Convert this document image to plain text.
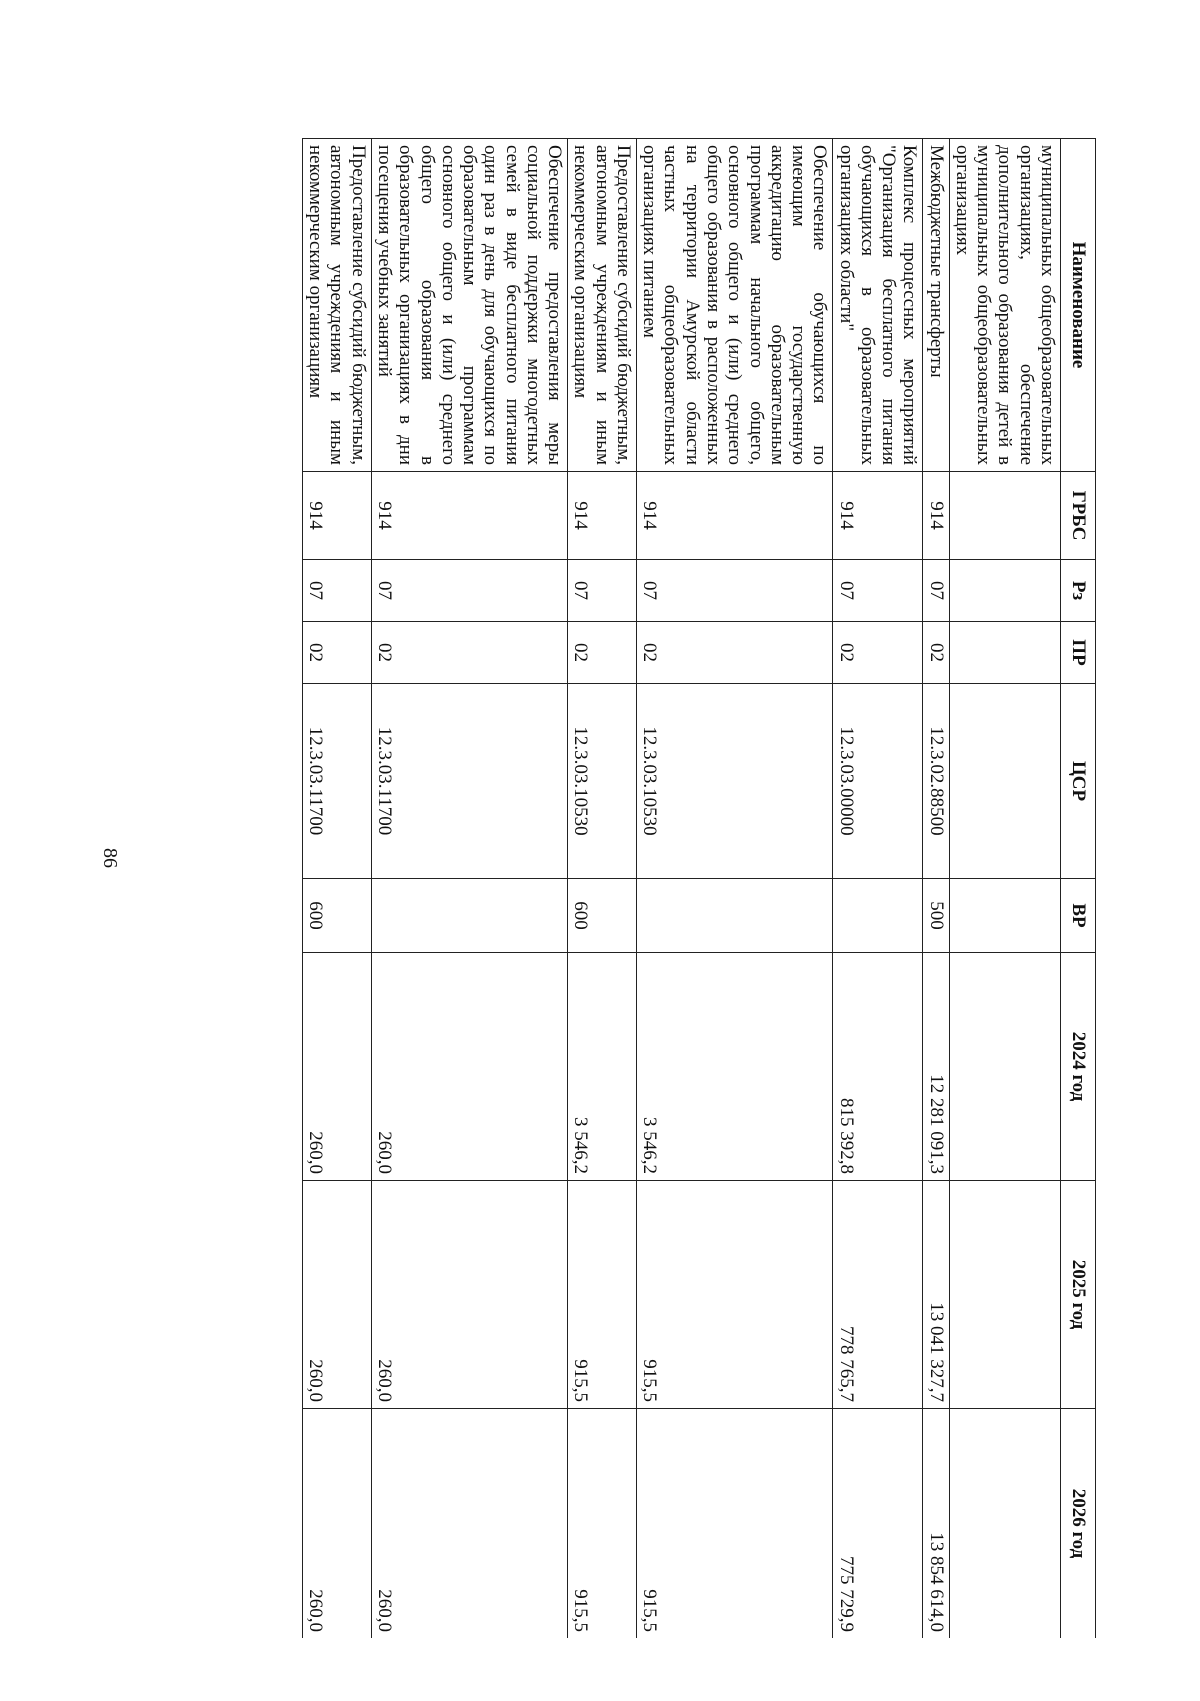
86
Наименование	ГРБС	Рз	ПР	ЦСР	ВР	2024 год	2025 год	2026 год
муниципальных общеобразовательных организациях, обеспечение дополнительного образования детей в муниципальных общеобразовательных организациях								
Межбюджетные трансферты	914	07	02	12.3.02.88500	500	12 281 091,3	13 041 327,7	13 854 614,0
Комплекс процессных мероприятий "Организация бесплатного питания обучающихся в образовательных организациях области"	914	07	02	12.3.03.00000		815 392,8	778 765,7	775 729,9
Обеспечение обучающихся по имеющим государственную аккредитацию образовательным программам начального общего, основного общего и (или) среднего общего образования в расположенных на территории Амурской области частных общеобразовательных организациях питанием	914	07	02	12.3.03.10530		3 546,2	915,5	915,5
Предоставление субсидий бюджетным, автономным учреждениям и иным некоммерческим организациям	914	07	02	12.3.03.10530	600	3 546,2	915,5	915,5
Обеспечение предоставления меры социальной поддержки многодетных семей в виде бесплатного питания один раз в день для обучающихся по образовательным программам основного общего и (или) среднего общего образования в образовательных организациях в дни посещения учебных занятий	914	07	02	12.3.03.11700		260,0	260,0	260,0
Предоставление субсидий бюджетным, автономным учреждениям и иным некоммерческим организациям	914	07	02	12.3.03.11700	600	260,0	260,0	260,0
